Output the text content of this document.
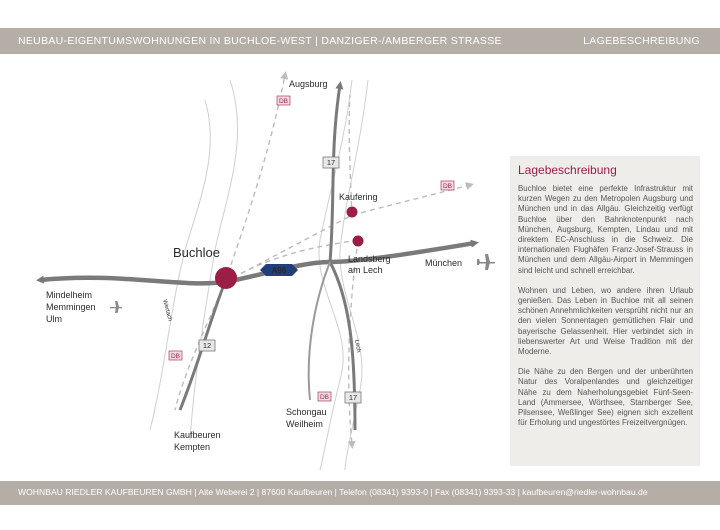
NEUBAU-EIGENTUMSWOHNUNGEN IN BUCHLOE-WEST | DANZIGER-/AMBERGER STRASSE	LAGEBESCHREIBUNG
A96
17
17
12
DB
DB
DB
DB
Augsburg
Kaufering
Buchloe	Landsberg
am Lech
München
Mindelheim
Memmingen
Ulm
Kaufbeuren
Kempten
Schongau
Weilheim
Wertach
Lech
Lagebeschreibung

Buchloe bietet eine perfekte Infrastruktur mit kurzen Wegen zu den Metropolen Augsburg und München und in das Allgäu. Gleichzeitig verfügt Buchloe über den Bahnknotenpunkt nach München, Augsburg, Kempten, Lindau und mit direktem EC-Anschluss in die Schweiz. Die internationalen Flughäfen Franz-Josef-Strauss in München und dem Allgäu-Airport in Memmingen sind leicht und schnell erreichbar.

Wohnen und Leben, wo andere ihren Urlaub genießen. Das Leben in Buchloe mit all seinen schönen Annehmlichkeiten versprüht nicht nur an den vielen Sonnentagen gemütlichen Flair und bayerische Gelassenheit. Hier verbindet sich in liebenswerter Art und Weise Tradition mit der Moderne.

Die Nähe zu den Bergen und der unberührten Natur des Voralpenlandes und gleichzeitiger Nähe zu dem Naherholungsgebiet Fünf-Seen-Land (Ammersee, Wörthsee, Starnberger See, Pilsensee, Weßlinger See) eignen sich exzellent für Erholung und ungestörtes Freizeitvergnügen.

WOHNBAU RIEDLER KAUFBEUREN GMBH | Alte Weberei 2 | 87600 Kaufbeuren | Telefon (08341) 9393-0 | Fax (08341) 9393-33 | kaufbeuren@riedler-wohnbau.de
